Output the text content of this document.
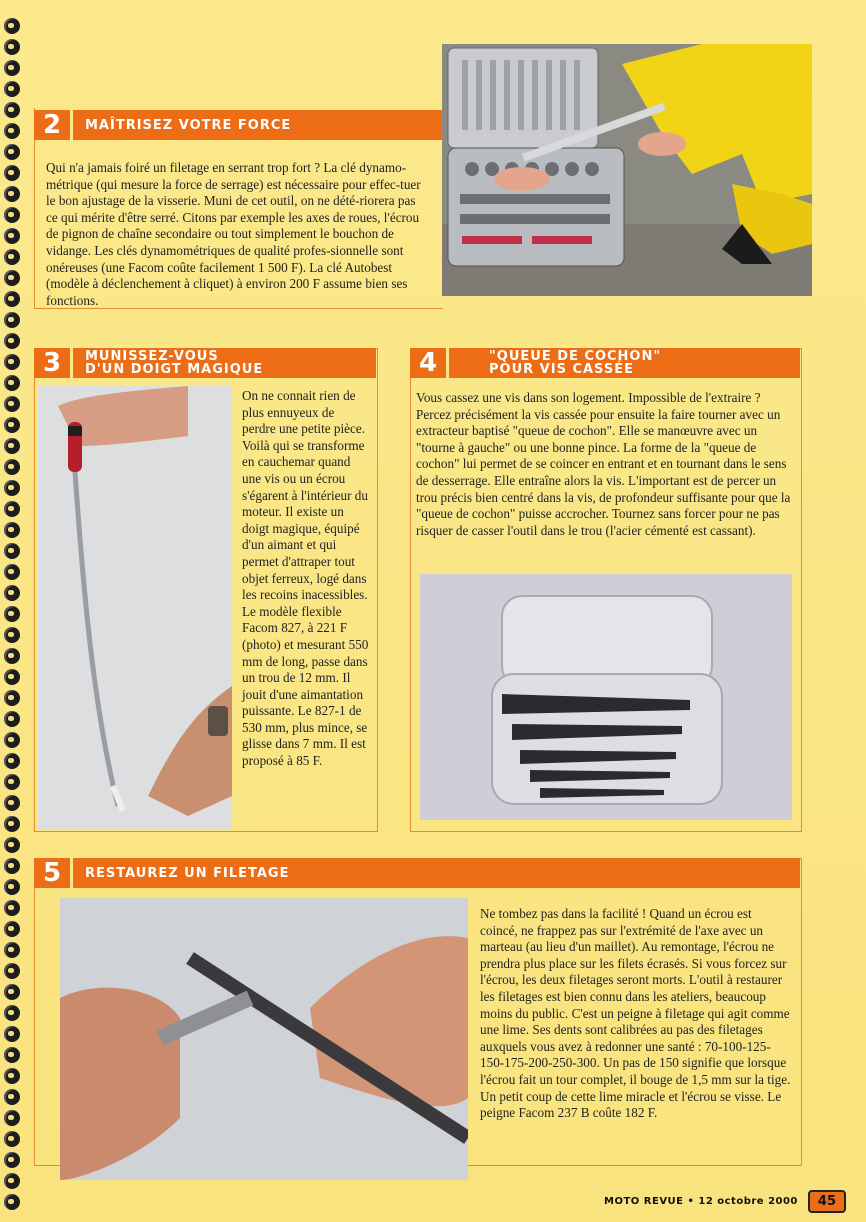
2	MAÎTRISEZ VOTRE FORCE
Qui n'a jamais foiré un filetage en serrant trop fort ? La clé dynamo-métrique (qui mesure la force de serrage) est nécessaire pour effec-tuer le bon ajustage de la visserie. Muni de cet outil, on ne dété-riorera pas ce qui mérite d'être serré. Citons par exemple les axes de roues, l'écrou de pignon de chaîne secondaire ou tout simplement le bouchon de vidange. Les clés dynamométriques de qualité profes-sionnelle sont onéreuses (une Facom coûte facilement 1 500 F). La clé Autobest (modèle à déclenchement à cliquet) à environ 200 F assume bien ses fonctions.
3	MUNISSEZ-VOUS
D'UN DOIGT MAGIQUE
On ne connait rien de plus ennuyeux de perdre une petite pièce. Voilà qui se transforme en cauchemar quand une vis ou un écrou s'égarent à l'intérieur du moteur. Il existe un doigt magique, équipé d'un aimant et qui permet d'attraper tout objet ferreux, logé dans les recoins inacessibles. Le modèle flexible Facom 827, à 221 F (photo) et mesurant 550 mm de long, passe dans un trou de 12 mm. Il jouit d'une aimantation puissante. Le 827-1 de 530 mm, plus mince, se glisse dans 7 mm. Il est proposé à 85 F.
4	"QUEUE DE COCHON"
POUR VIS CASSÉE
Vous cassez une vis dans son logement. Impossible de l'extraire ? Percez précisément la vis cassée pour ensuite la faire tourner avec un extracteur baptisé "queue de cochon". Elle se manœuvre avec un "tourne à gauche" ou une bonne pince. La forme de la "queue de cochon" lui permet de se coincer en entrant et en tournant dans le sens de desserrage. Elle entraîne alors la vis. L'important est de percer un trou précis bien centré dans la vis, de profondeur suffisante pour que la "queue de cochon" puisse accrocher. Tournez sans forcer pour ne pas risquer de casser l'outil dans le trou (l'acier cémenté est cassant).
5	RESTAUREZ UN FILETAGE
Ne tombez pas dans la facilité ! Quand un écrou est coincé, ne frappez pas sur l'extrémité de l'axe avec un marteau (au lieu d'un maillet). Au remontage, l'écrou ne prendra plus place sur les filets écrasés. Si vous forcez sur l'écrou, les deux filetages seront morts. L'outil à restaurer les filetages est bien connu dans les ateliers, beaucoup moins du public. C'est un peigne à filetage qui agit comme une lime. Ses dents sont calibrées au pas des filetages auxquels vous avez à redonner une santé : 70-100-125-150-175-200-250-300. Un pas de 150 signifie que lorsque l'écrou fait un tour complet, il bouge de 1,5 mm sur la tige. Un petit coup de cette lime miracle et l'écrou se visse. Le peigne Facom 237 B coûte 182 F.
MOTO REVUE • 12 octobre 2000	45
